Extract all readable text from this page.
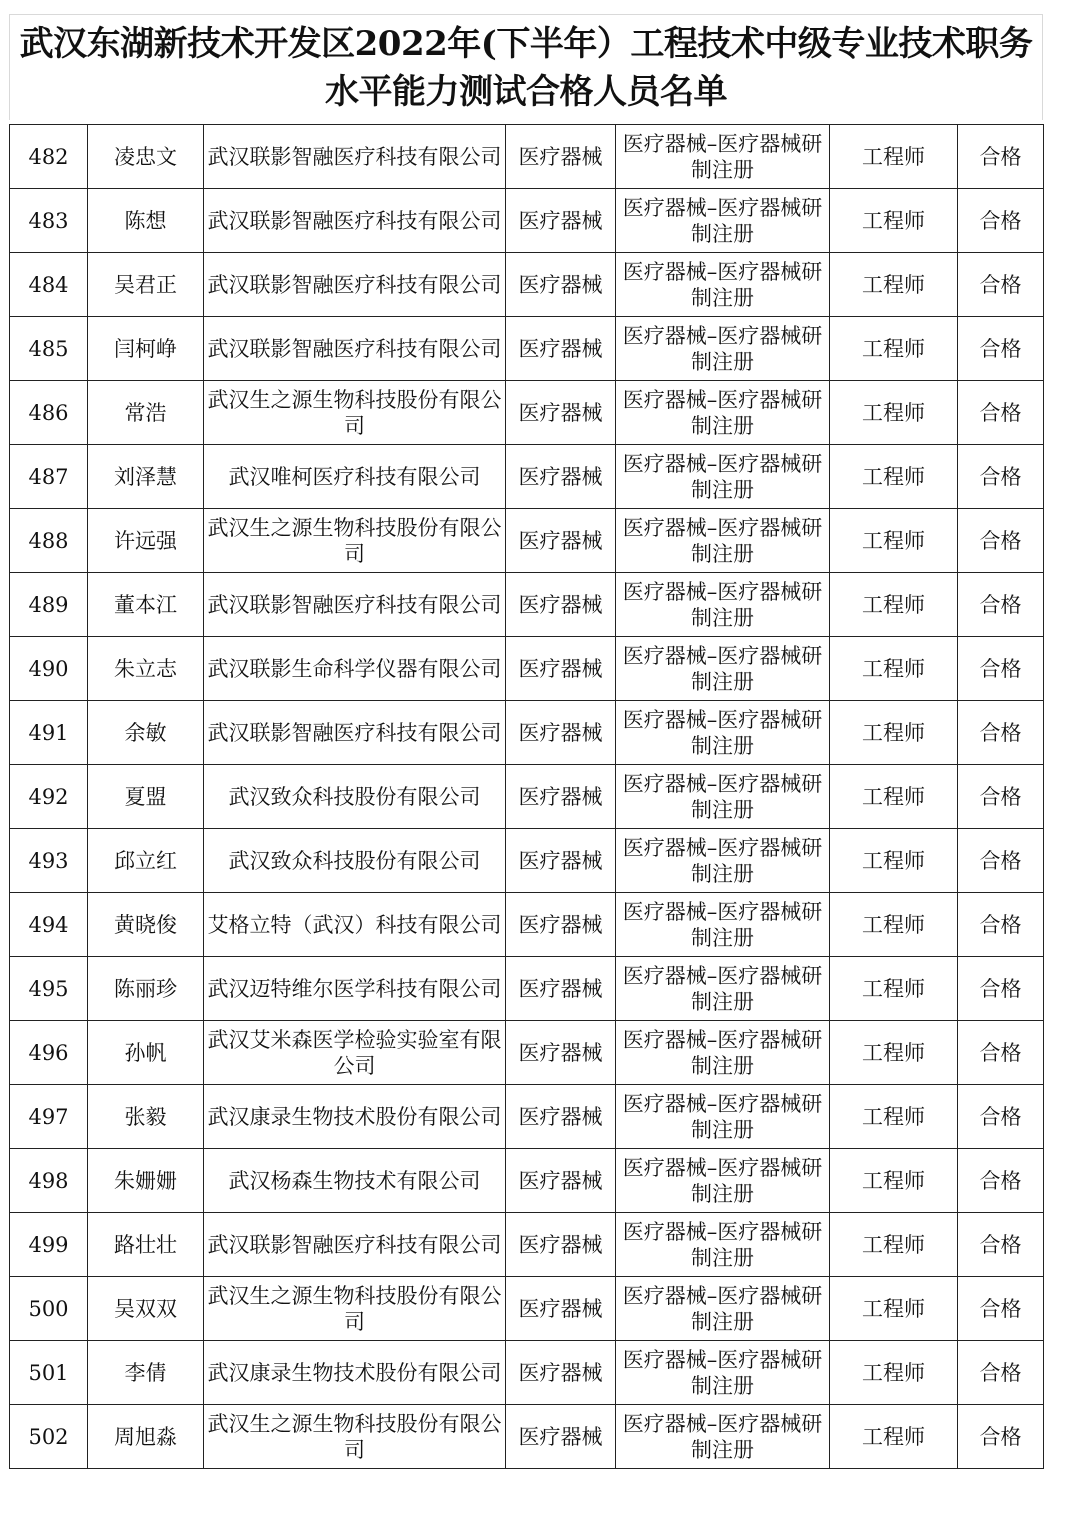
武汉东湖新技术开发区2022年(下半年）工程技术中级专业技术职务
水平能力测试合格人员名单
482	凌忠文	武汉联影智融医疗科技有限公司	医疗器械	医疗器械–医疗器械研制注册	工程师	合格

483	陈想	武汉联影智融医疗科技有限公司	医疗器械	医疗器械–医疗器械研制注册	工程师	合格

484	吴君正	武汉联影智融医疗科技有限公司	医疗器械	医疗器械–医疗器械研制注册	工程师	合格

485	闫柯峥	武汉联影智融医疗科技有限公司	医疗器械	医疗器械–医疗器械研制注册	工程师	合格

486	常浩	武汉生之源生物科技股份有限公司	医疗器械	医疗器械–医疗器械研制注册	工程师	合格

487	刘泽慧	武汉唯柯医疗科技有限公司	医疗器械	医疗器械–医疗器械研制注册	工程师	合格

488	许远强	武汉生之源生物科技股份有限公司	医疗器械	医疗器械–医疗器械研制注册	工程师	合格

489	董本江	武汉联影智融医疗科技有限公司	医疗器械	医疗器械–医疗器械研制注册	工程师	合格

490	朱立志	武汉联影生命科学仪器有限公司	医疗器械	医疗器械–医疗器械研制注册	工程师	合格

491	余敏	武汉联影智融医疗科技有限公司	医疗器械	医疗器械–医疗器械研制注册	工程师	合格

492	夏盟	武汉致众科技股份有限公司	医疗器械	医疗器械–医疗器械研制注册	工程师	合格

493	邱立红	武汉致众科技股份有限公司	医疗器械	医疗器械–医疗器械研制注册	工程师	合格

494	黄晓俊	艾格立特（武汉）科技有限公司	医疗器械	医疗器械–医疗器械研制注册	工程师	合格

495	陈丽珍	武汉迈特维尔医学科技有限公司	医疗器械	医疗器械–医疗器械研制注册	工程师	合格

496	孙帆	武汉艾米森医学检验实验室有限公司	医疗器械	医疗器械–医疗器械研制注册	工程师	合格

497	张毅	武汉康录生物技术股份有限公司	医疗器械	医疗器械–医疗器械研制注册	工程师	合格

498	朱姗姗	武汉杨森生物技术有限公司	医疗器械	医疗器械–医疗器械研制注册	工程师	合格

499	路壮壮	武汉联影智融医疗科技有限公司	医疗器械	医疗器械–医疗器械研制注册	工程师	合格

500	吴双双	武汉生之源生物科技股份有限公司	医疗器械	医疗器械–医疗器械研制注册	工程师	合格

501	李倩	武汉康录生物技术股份有限公司	医疗器械	医疗器械–医疗器械研制注册	工程师	合格

502	周旭淼	武汉生之源生物科技股份有限公司	医疗器械	医疗器械–医疗器械研制注册	工程师	合格
